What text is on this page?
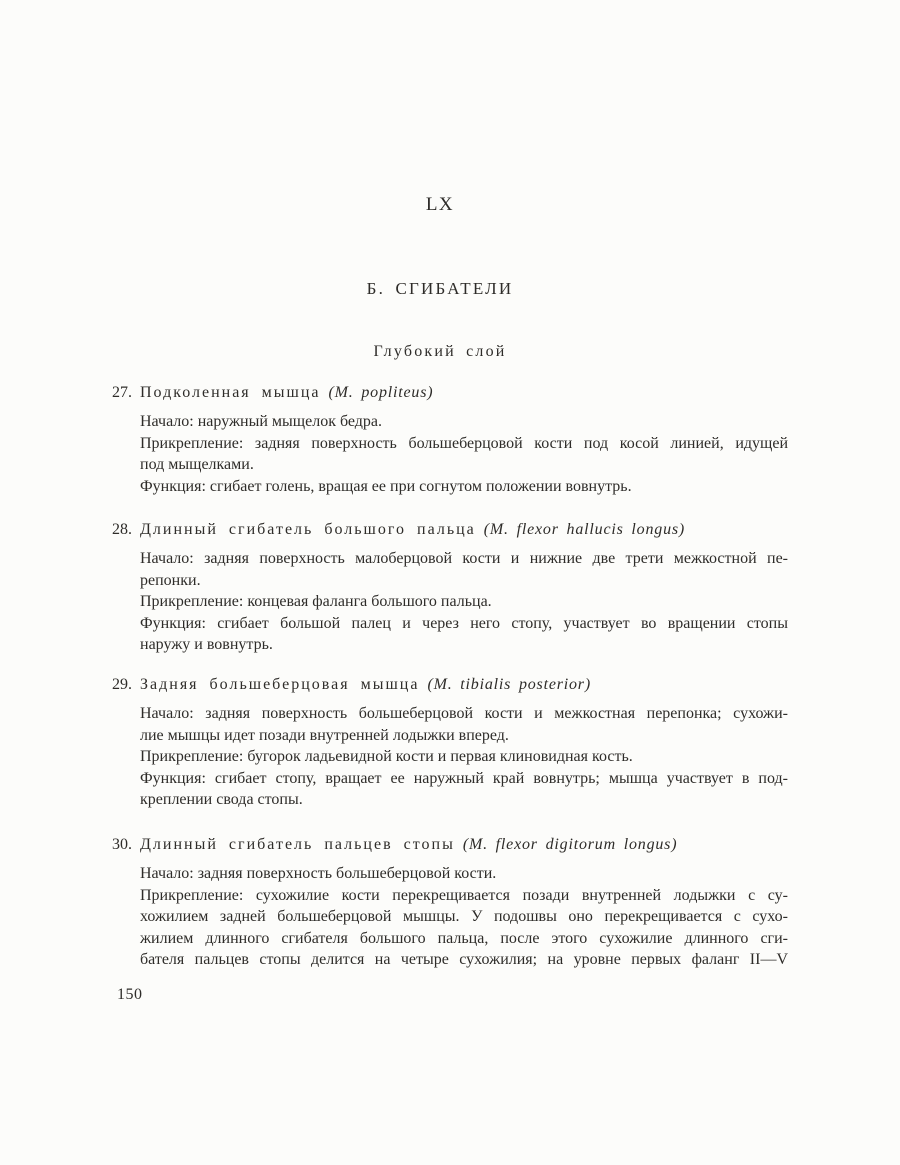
LX
Б. СГИБАТЕЛИ
Глубокий слой
27. Подколенная мышца (M. popliteus)
Начало: наружный мыщелок бедра.
Прикрепление: задняя поверхность большеберцовой кости под косой линией, идущей
под мыщелками.
Функция: сгибает голень, вращая ее при согнутом положении вовнутрь.
28. Длинный сгибатель большого пальца (M. flexor hallucis longus)
Начало: задняя поверхность малоберцовой кости и нижние две трети межкостной пе-
репонки.
Прикрепление: концевая фаланга большого пальца.
Функция: сгибает большой палец и через него стопу, участвует во вращении стопы
наружу и вовнутрь.
29. Задняя большеберцовая мышца (M. tibialis posterior)
Начало: задняя поверхность большеберцовой кости и межкостная перепонка; сухожи-
лие мышцы идет позади внутренней лодыжки вперед.
Прикрепление: бугорок ладьевидной кости и первая клиновидная кость.
Функция: сгибает стопу, вращает ее наружный край вовнутрь; мышца участвует в под-
креплении свода стопы.
30. Длинный сгибатель пальцев стопы (M. flexor digitorum longus)
Начало: задняя поверхность большеберцовой кости.
Прикрепление: сухожилие кости перекрещивается позади внутренней лодыжки с су-
хожилием задней большеберцовой мышцы. У подошвы оно перекрещивается с сухо-
жилием длинного сгибателя большого пальца, после этого сухожилие длинного сги-
бателя пальцев стопы делится на четыре сухожилия; на уровне первых фаланг II—V
150
